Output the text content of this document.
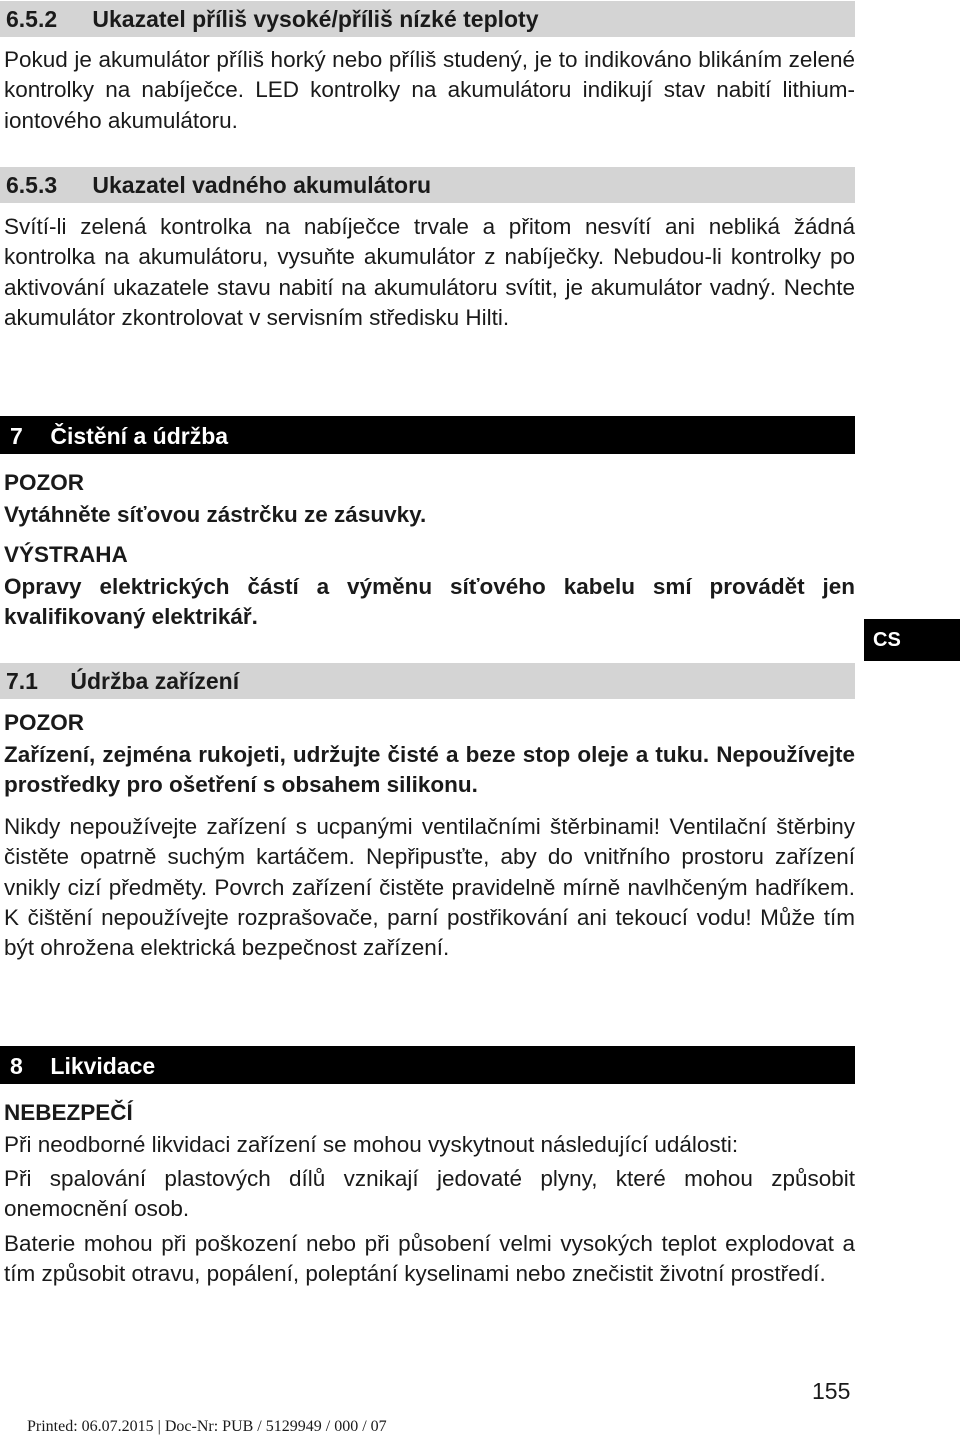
6.5.2 Ukazatel příliš vysoké/příliš nízké teploty

Pokud je akumulátor příliš horký nebo příliš studený, je to indikováno blikáním zelené kontrolky na nabíječce. LED kontrolky na akumulátoru indikují stav nabití lithium-iontového akumulátoru.

6.5.3 Ukazatel vadného akumulátoru

Svítí-li zelená kontrolka na nabíječce trvale a přitom nesvítí ani nebliká žádná kontrolka na akumulátoru, vysuňte akumulátor z nabíječky. Nebudou-li kontrolky po aktivování ukazatele stavu nabití na akumulátoru svítit, je akumulátor vadný. Nechte akumulátor zkontrolovat v servisním středisku Hilti.

7 Čistění a údržba
POZOR

Vytáhněte síťovou zástrčku ze zásuvky.

VÝSTRAHA

Opravy elektrických částí a výměnu síťového kabelu smí provádět jen kvalifikovaný elektrikář.

7.1 Údržba zařízení
POZOR

Zařízení, zejména rukojeti, udržujte čisté a beze stop oleje a tuku. Nepoužívejte prostředky pro ošetření s obsahem silikonu.

Nikdy nepoužívejte zařízení s ucpanými ventilačními štěrbinami! Ventilační štěrbiny čistěte opatrně suchým kartáčem. Nepřipusťte, aby do vnitřního prostoru zařízení vnikly cizí předměty. Povrch zařízení čistěte pravidelně mírně navlhčeným hadříkem. K čištění nepoužívejte rozprašovače, parní postřikování ani tekoucí vodu! Může tím být ohrožena elektrická bezpečnost zařízení.

8 Likvidace
NEBEZPEČÍ

Při neodborné likvidaci zařízení se mohou vyskytnout následující události:

Při spalování plastových dílů vznikají jedovaté plyny, které mohou způsobit onemocnění osob.

Baterie mohou při poškození nebo při působení velmi vysokých teplot explodovat a tím způsobit otravu, popálení, poleptání kyselinami nebo znečistit životní prostředí.

CS
155
Printed: 06.07.2015 | Doc-Nr: PUB / 5129949 / 000 / 07
